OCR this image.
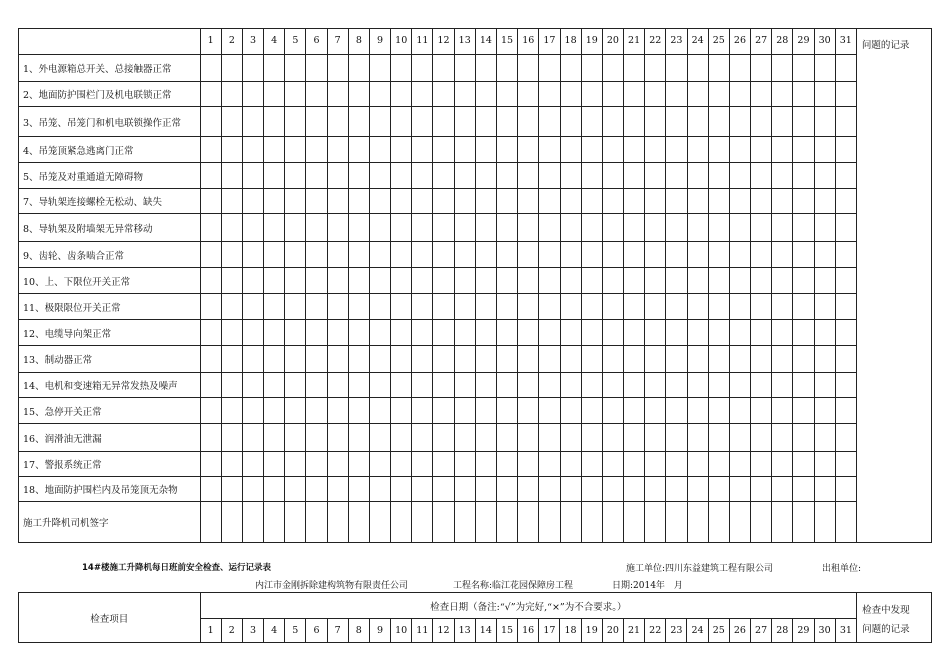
	1	2	3	4	5	6	7	8	9	10	11	12	13	14	15	16	17	18	19	20	21	22	23	24	25	26	27	28	29	30	31	问题的记录
1、外电源箱总开关、总接触器正常																																
2、地面防护围栏门及机电联锁正常																																
3、吊笼、吊笼门和机电联锁操作正常																																
4、吊笼顶紧急逃离门正常																																
5、吊笼及对重通道无障碍物																																
7、导轨架连接螺栓无松动、缺失																																
8、导轨架及附墙架无异常移动																																
9、齿轮、齿条啮合正常																																
10、上、下限位开关正常																																
11、极限限位开关正常																																
12、电缆导向架正常																																
13、制动器正常																																
14、电机和变速箱无异常发热及噪声																																
15、急停开关正常																																
16、润滑油无泄漏																																
17、警报系统正常																																
18、地面防护围栏内及吊笼顶无杂物																																
施工升降机司机签字																																
14#楼施工升降机每日班前安全检查、运行记录表	施工单位:四川东益建筑工程有限公司	出租单位:
内江市金刚拆除建构筑物有限责任公司	工程名称:临江花园保障房工程	日期:2014年　月
检查项目	检查日期（备注:“√”为完好,“×”为不合要求。）																															检查中发现
问题的记录

	1	2	3	4	5	6	7	8	9	10	11	12	13	14	15	16	17	18	19	20	21	22	23	24	25	26	27	28	29	30	31	
